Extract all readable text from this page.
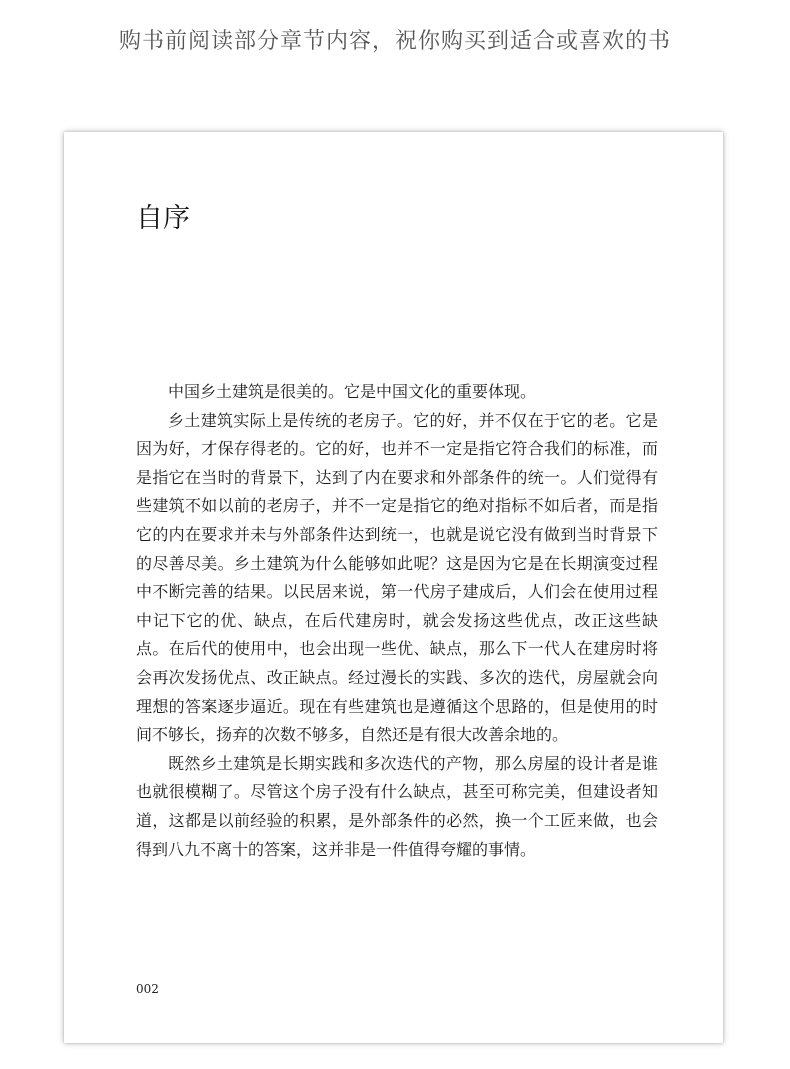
购书前阅读部分章节内容，祝你购买到适合或喜欢的书
自序

中国乡土建筑是很美的。它是中国文化的重要体现。

乡土建筑实际上是传统的老房子。它的好，并不仅在于它的老。它是因为好，才保存得老的。它的好，也并不一定是指它符合我们的标准，而是指它在当时的背景下，达到了内在要求和外部条件的统一。人们觉得有些建筑不如以前的老房子，并不一定是指它的绝对指标不如后者，而是指它的内在要求并未与外部条件达到统一，也就是说它没有做到当时背景下的尽善尽美。乡土建筑为什么能够如此呢？这是因为它是在长期演变过程中不断完善的结果。以民居来说，第一代房子建成后，人们会在使用过程中记下它的优、缺点，在后代建房时，就会发扬这些优点，改正这些缺点。在后代的使用中，也会出现一些优、缺点，那么下一代人在建房时将会再次发扬优点、改正缺点。经过漫长的实践、多次的迭代，房屋就会向理想的答案逐步逼近。现在有些建筑也是遵循这个思路的，但是使用的时间不够长，扬弃的次数不够多，自然还是有很大改善余地的。

既然乡土建筑是长期实践和多次迭代的产物，那么房屋的设计者是谁也就很模糊了。尽管这个房子没有什么缺点，甚至可称完美，但建设者知道，这都是以前经验的积累，是外部条件的必然，换一个工匠来做，也会得到八九不离十的答案，这并非是一件值得夸耀的事情。

002
